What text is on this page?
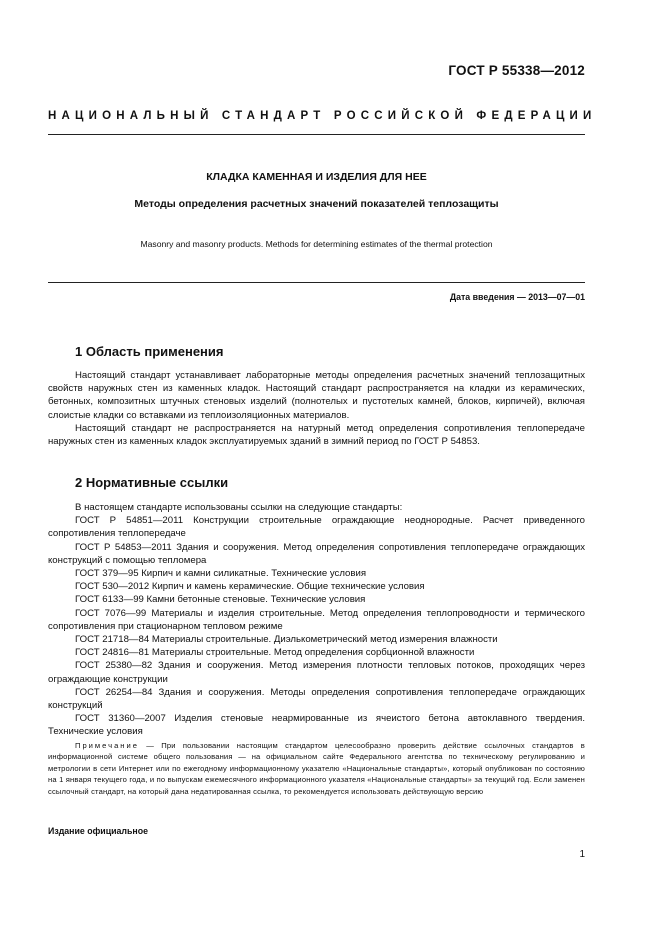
ГОСТ Р 55338—2012
НАЦИОНАЛЬНЫЙ СТАНДАРТ РОССИЙСКОЙ ФЕДЕРАЦИИ
КЛАДКА КАМЕННАЯ И ИЗДЕЛИЯ ДЛЯ НЕЕ
Методы определения расчетных значений показателей теплозащиты
Masonry and masonry products. Methods for determining estimates of the thermal protection
Дата введения — 2013—07—01
1 Область применения

Настоящий стандарт устанавливает лабораторные методы определения расчетных значений теплозащитных свойств наружных стен из каменных кладок. Настоящий стандарт распространяется на кладки из керамических, бетонных, композитных штучных стеновых изделий (полнотелых и пустотелых камней, блоков, кирпичей), включая слоистые кладки со вставками из теплоизоляционных материалов.

Настоящий стандарт не распространяется на натурный метод определения сопротивления теплопередаче наружных стен из каменных кладок эксплуатируемых зданий в зимний период по ГОСТ Р 54853.

2 Нормативные ссылки

В настоящем стандарте использованы ссылки на следующие стандарты:

ГОСТ Р 54851—2011 Конструкции строительные ограждающие неоднородные. Расчет приведенного сопротивления теплопередаче

ГОСТ Р 54853—2011 Здания и сооружения. Метод определения сопротивления теплопередаче ограждающих конструкций с помощью тепломера

ГОСТ 379—95 Кирпич и камни силикатные. Технические условия

ГОСТ 530—2012 Кирпич и камень керамические. Общие технические условия

ГОСТ 6133—99 Камни бетонные стеновые. Технические условия

ГОСТ 7076—99 Материалы и изделия строительные. Метод определения теплопроводности и термического сопротивления при стационарном тепловом режиме

ГОСТ 21718—84 Материалы строительные. Диэлькометрический метод измерения влажности

ГОСТ 24816—81 Материалы строительные. Метод определения сорбционной влажности

ГОСТ 25380—82 Здания и сооружения. Метод измерения плотности тепловых потоков, проходящих через ограждающие конструкции

ГОСТ 26254—84 Здания и сооружения. Методы определения сопротивления теплопередаче ограждающих конструкций

ГОСТ 31360—2007 Изделия стеновые неармированные из ячеистого бетона автоклавного твердения. Технические условия

Примечание — При пользовании настоящим стандартом целесообразно проверить действие ссылочных стандартов в информационной системе общего пользования — на официальном сайте Федерального агентства по техническому регулированию и метрологии в сети Интернет или по ежегодному информационному указателю «Национальные стандарты», который опубликован по состоянию на 1 января текущего года, и по выпускам ежемесячного информационного указателя «Национальные стандарты» за текущий год. Если заменен ссылочный стандарт, на который дана недатированная ссылка, то рекомендуется использовать действующую версию

Издание официальное
1
